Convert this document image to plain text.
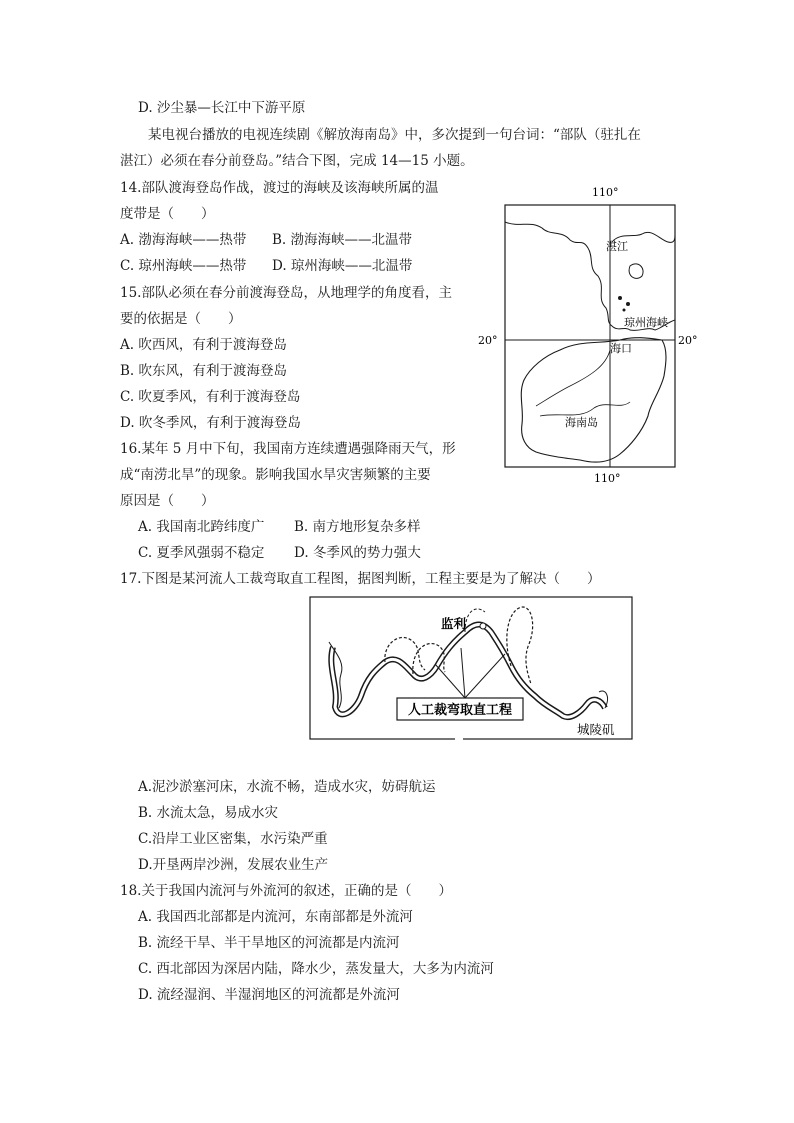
D. 沙尘暴—长江中下游平原
某电视台播放的电视连续剧《解放海南岛》中，多次提到一句台词：“部队（驻扎在
湛江）必须在春分前登岛。”结合下图，完成 14—15 小题。
14.部队渡海登岛作战，渡过的海峡及该海峡所属的温
度带是（　　）
A. 渤海海峡——热带 B. 渤海海峡——北温带
C. 琼州海峡——热带 D. 琼州海峡——北温带
15.部队必须在春分前渡海登岛，从地理学的角度看，主
要的依据是（　　）
A. 吹西风，有利于渡海登岛
B. 吹东风，有利于渡海登岛
C. 吹夏季风，有利于渡海登岛
D. 吹冬季风，有利于渡海登岛
110°
110°
20°	20°
湛江
琼州海峡
海口
海南岛
16.某年 5 月中下旬，我国南方连续遭遇强降雨天气，形
成“南涝北旱”的现象。影响我国水旱灾害频繁的主要
原因是（　　）
A. 我国南北跨纬度广 B. 南方地形复杂多样
C. 夏季风强弱不稳定 D. 冬季风的势力强大
17.下图是某河流人工裁弯取直工程图，据图判断，工程主要是为了解决（　　）
人工裁弯取直工程
监利
城陵矶
A.泥沙淤塞河床，水流不畅，造成水灾，妨碍航运
B. 水流太急，易成水灾
C.沿岸工业区密集，水污染严重
D.开垦两岸沙洲，发展农业生产
18.关于我国内流河与外流河的叙述，正确的是（　　）
A. 我国西北部都是内流河，东南部都是外流河
B. 流经干旱、半干旱地区的河流都是内流河
C. 西北部因为深居内陆，降水少，蒸发量大，大多为内流河
D. 流经湿润、半湿润地区的河流都是外流河
